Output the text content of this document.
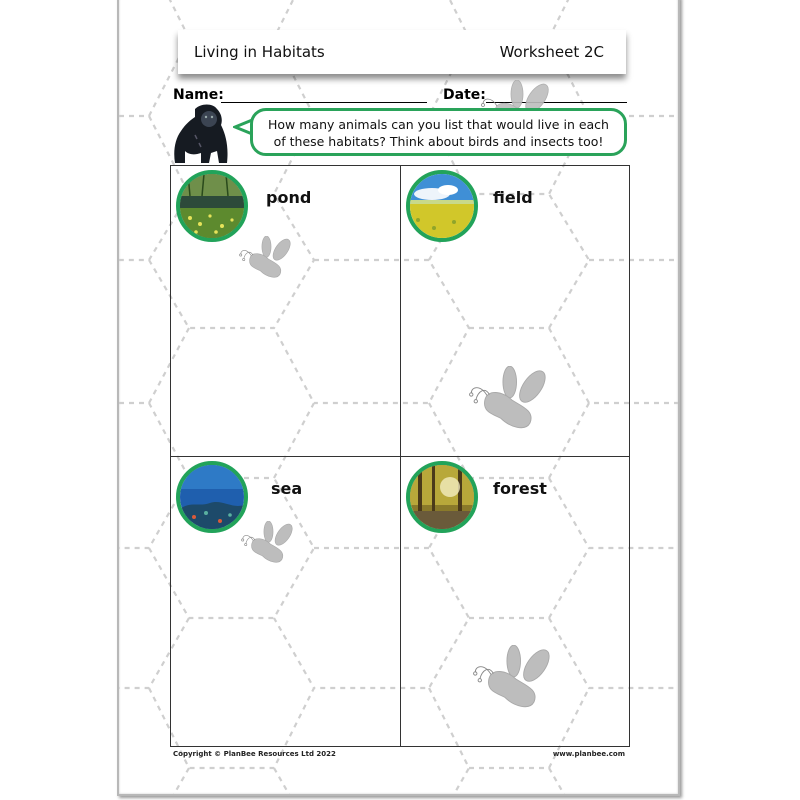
Living in Habitats	Worksheet 2C
Name:	Date:
How many animals can you list that would live in each
of these habitats? Think about birds and insects too!
pond	field
sea	forest
Copyright © PlanBee Resources Ltd 2022	www.planbee.com
